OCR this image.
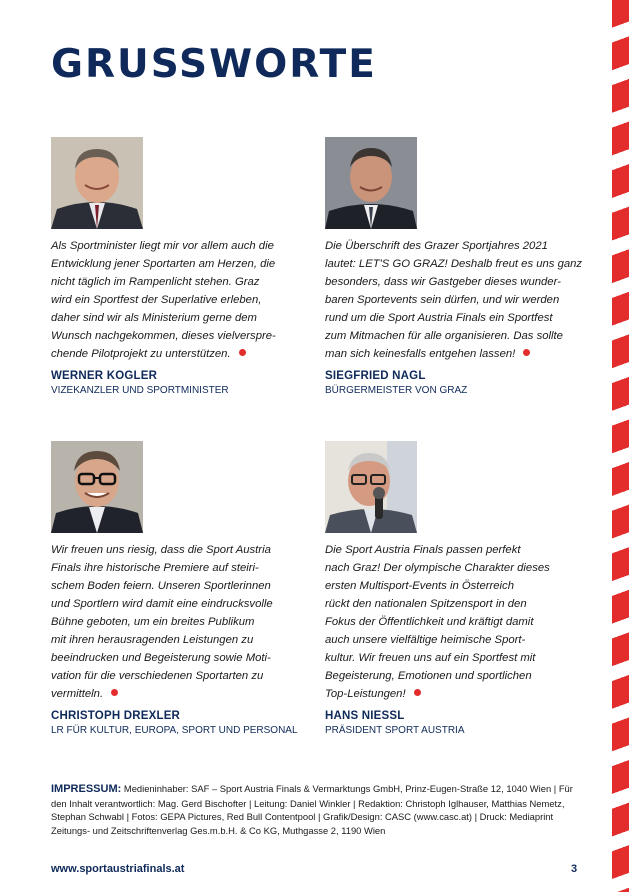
GRUSSWORTE

Als Sportminister liegt mir vor allem auch die
Entwicklung jener Sportarten am Herzen, die
nicht täglich im Rampenlicht stehen. Graz
wird ein Sportfest der Superlative erleben,
daher sind wir als Ministerium gerne dem
Wunsch nachgekommen, dieses vielverspre-
chende Pilotprojekt zu unterstützen.

WERNER KOGLER
VIZEKANZLER UND SPORTMINISTER

Die Überschrift des Grazer Sportjahres 2021
lautet: LET'S GO GRAZ! Deshalb freut es uns ganz
besonders, dass wir Gastgeber dieses wunder-
baren Sportevents sein dürfen, und wir werden
rund um die Sport Austria Finals ein Sportfest
zum Mitmachen für alle organisieren. Das sollte
man sich keinesfalls entgehen lassen!

SIEGFRIED NAGL
BÜRGERMEISTER VON GRAZ

Wir freuen uns riesig, dass die Sport Austria
Finals ihre historische Premiere auf steiri-
schem Boden feiern. Unseren Sportlerinnen
und Sportlern wird damit eine eindrucksvolle
Bühne geboten, um ein breites Publikum
mit ihren herausragenden Leistungen zu
beeindrucken und Begeisterung sowie Moti-
vation für die verschiedenen Sportarten zu
vermitteln.

CHRISTOPH DREXLER
LR FÜR KULTUR, EUROPA, SPORT UND PERSONAL

Die Sport Austria Finals passen perfekt
nach Graz! Der olympische Charakter dieses
ersten Multisport-Events in Österreich
rückt den nationalen Spitzensport in den
Fokus der Öffentlichkeit und kräftigt damit
auch unsere vielfältige heimische Sport-
kultur. Wir freuen uns auf ein Sportfest mit
Begeisterung, Emotionen und sportlichen
Top-Leistungen!

HANS NIESSL
PRÄSIDENT SPORT AUSTRIA
IMPRESSUM: Medieninhaber: SAF – Sport Austria Finals & Vermarktungs GmbH, Prinz-Eugen-Straße 12, 1040 Wien | Für den Inhalt verantwortlich: Mag. Gerd Bischofter | Leitung: Daniel Winkler | Redaktion: Christoph Iglhauser, Matthias Nemetz, Stephan Schwabl | Fotos: GEPA Pictures, Red Bull Contentpool | Grafik/Design: CASC (www.casc.at) | Druck: Mediaprint Zeitungs- und Zeitschriftenverlag Ges.m.b.H. & Co KG, Muthgasse 2, 1190 Wien
www.sportaustriafinals.at	3
